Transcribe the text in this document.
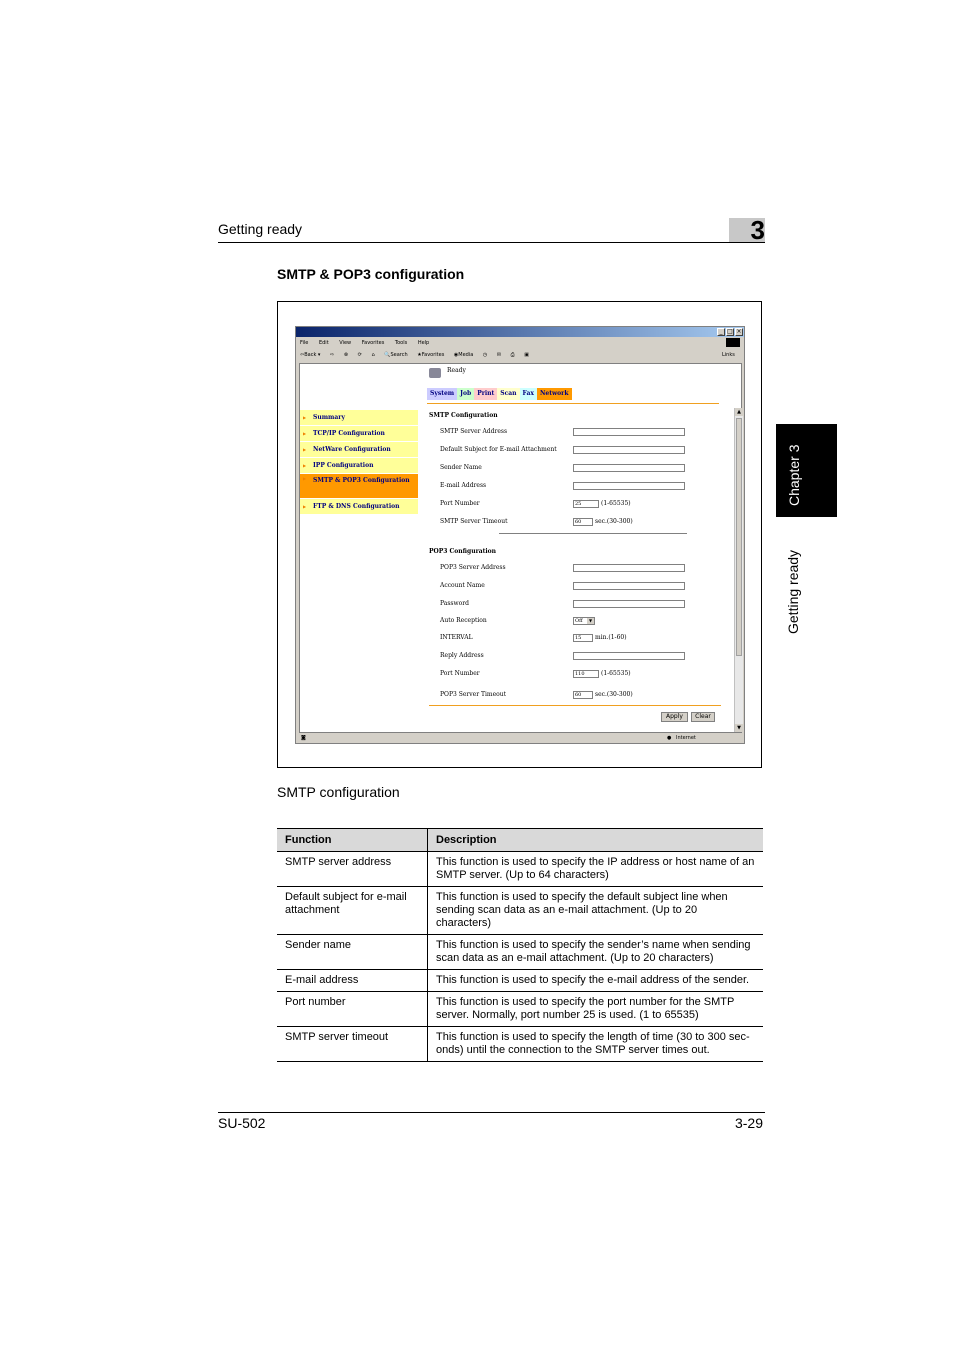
Getting ready	3
Chapter 3
Getting ready
SMTP & POP3 configuration
_ □ ×
File Edit View Favorites Tools Help
⇦Back ▾ ⇨ ⊗ ⟳ ⌂ 🔍Search ★Favorites ◉Media ◷ ✉ ⎙ ▣	Links
Ready
System	Job	Print	Scan	Fax	Network
▶ Summary
▶ TCP/IP Configuration
▶ NetWare Configuration
▶ IPP Configuration
▶ SMTP & POP3 Configuration
▶ FTP & DNS Configuration
SMTP Configuration
SMTP Server Address
Default Subject for E-mail Attachment
Sender Name
E-mail Address
Port Number	25	(1-65535)
SMTP Server Timeout	60	sec.(30-300)
POP3 Configuration
POP3 Server Address
Account Name
Password
Auto Reception	Off	▼
INTERVAL	15	min.(1-60)
Reply Address
Port Number	110	(1-65535)
POP3 Server Timeout	60	sec.(30-300)
Apply	Clear
▲
▼
◙	● Internet
SMTP configuration
Function	Description
SMTP server address	This function is used to specify the IP address or host name of an SMTP server. (Up to 64 characters)
Default subject for e-mail attachment	This function is used to specify the default subject line when sending scan data as an e-mail attachment. (Up to 20 characters)
Sender name	This function is used to specify the sender’s name when sending scan data as an e-mail attachment. (Up to 20 characters)
E-mail address	This function is used to specify the e-mail address of the sender.
Port number	This function is used to specify the port number for the SMTP server. Normally, port number 25 is used. (1 to 65535)
SMTP server timeout	This function is used to specify the length of time (30 to 300 sec-onds) until the connection to the SMTP server times out.
SU-502	3-29
